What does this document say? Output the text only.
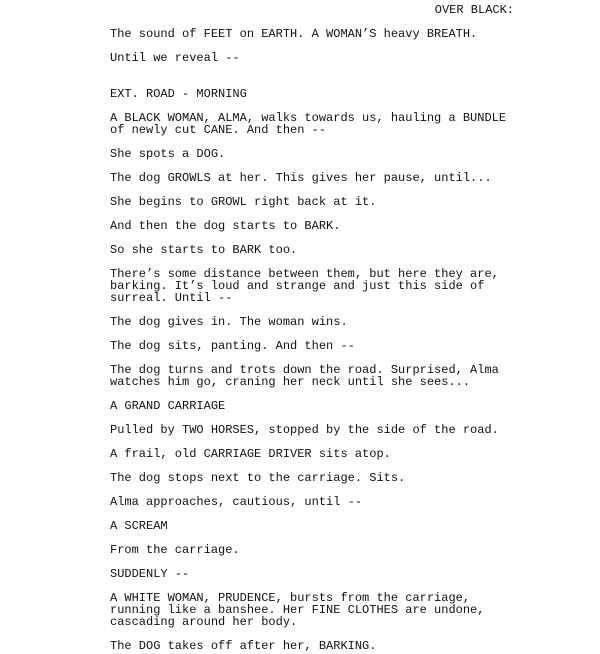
OVER BLACK:
The sound of FEET on EARTH. A WOMAN’S heavy BREATH.
Until we reveal --
EXT. ROAD - MORNING
A BLACK WOMAN, ALMA, walks towards us, hauling a BUNDLE
of newly cut CANE. And then --
She spots a DOG.
The dog GROWLS at her. This gives her pause, until...
She begins to GROWL right back at it.
And then the dog starts to BARK.
So she starts to BARK too.
There’s some distance between them, but here they are,
barking. It’s loud and strange and just this side of
surreal. Until --
The dog gives in. The woman wins.
The dog sits, panting. And then --
The dog turns and trots down the road. Surprised, Alma
watches him go, craning her neck until she sees...
A GRAND CARRIAGE
Pulled by TWO HORSES, stopped by the side of the road.
A frail, old CARRIAGE DRIVER sits atop.
The dog stops next to the carriage. Sits.
Alma approaches, cautious, until --
A SCREAM
From the carriage.
SUDDENLY --
A WHITE WOMAN, PRUDENCE, bursts from the carriage,
running like a banshee. Her FINE CLOTHES are undone,
cascading around her body.
The DOG takes off after her, BARKING.
